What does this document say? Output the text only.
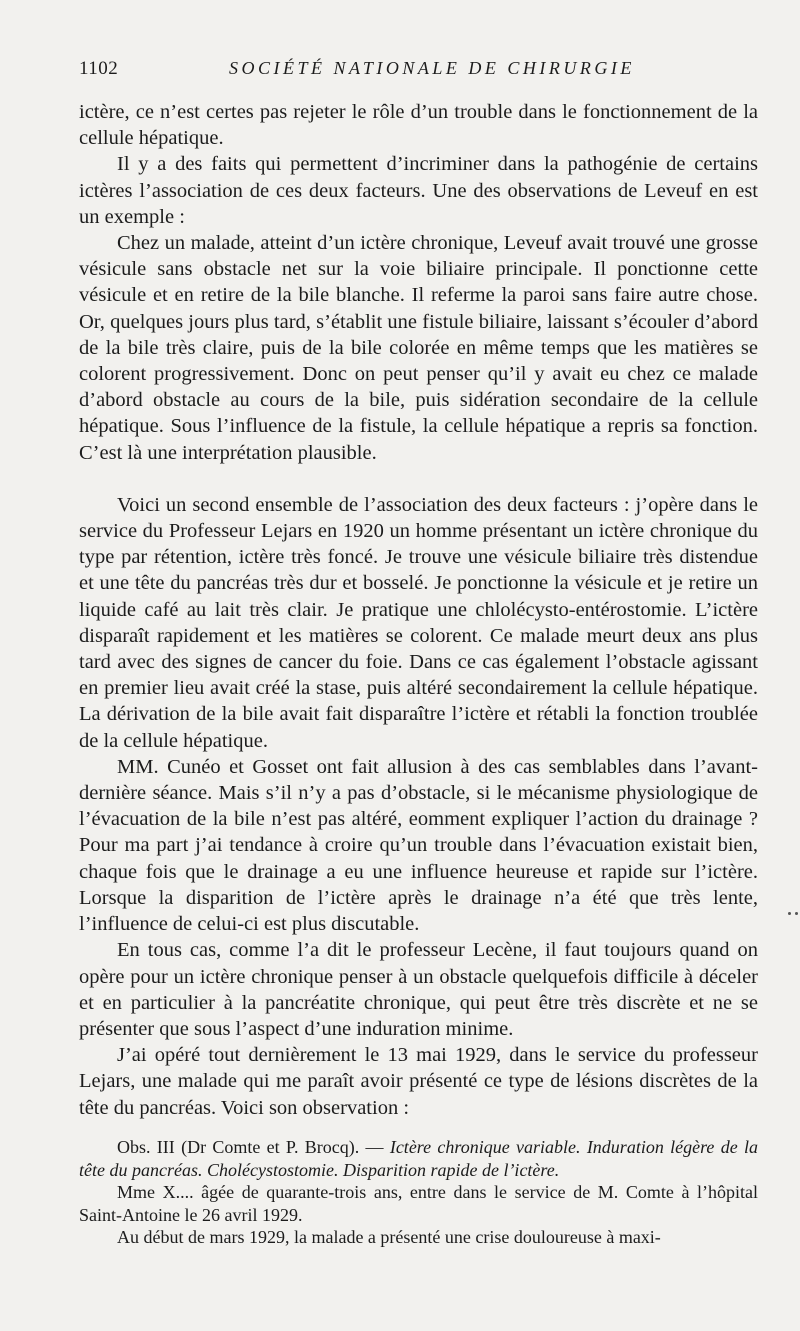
1102	SOCIÉTÉ NATIONALE DE CHIRURGIE

ictère, ce n’est certes pas rejeter le rôle d’un trouble dans le fonctionnement de la cellule hépatique.

Il y a des faits qui permettent d’incriminer dans la pathogénie de certains ictères l’association de ces deux facteurs. Une des observations de Leveuf en est un exemple :

Chez un malade, atteint d’un ictère chronique, Leveuf avait trouvé une grosse vésicule sans obstacle net sur la voie biliaire principale. Il ponctionne cette vésicule et en retire de la bile blanche. Il referme la paroi sans faire autre chose. Or, quelques jours plus tard, s’établit une fistule biliaire, laissant s’écouler d’abord de la bile très claire, puis de la bile colorée en même temps que les matières se colorent progressivement. Donc on peut penser qu’il y avait eu chez ce malade d’abord obstacle au cours de la bile, puis sidération secondaire de la cellule hépatique. Sous l’influence de la fistule, la cellule hépatique a repris sa fonction. C’est là une interprétation plausible.

Voici un second ensemble de l’association des deux facteurs : j’opère dans le service du Professeur Lejars en 1920 un homme présentant un ictère chronique du type par rétention, ictère très foncé. Je trouve une vésicule biliaire très distendue et une tête du pancréas très dur et bosselé. Je ponctionne la vésicule et je retire un liquide café au lait très clair. Je pratique une chlolécysto-entérostomie. L’ictère disparaît rapidement et les matières se colorent. Ce malade meurt deux ans plus tard avec des signes de cancer du foie. Dans ce cas également l’obstacle agissant en premier lieu avait créé la stase, puis altéré secondairement la cellule hépatique. La dérivation de la bile avait fait disparaître l’ictère et rétabli la fonction troublée de la cellule hépatique.

MM. Cunéo et Gosset ont fait allusion à des cas semblables dans l’avant-dernière séance. Mais s’il n’y a pas d’obstacle, si le mécanisme physiologique de l’évacuation de la bile n’est pas altéré, eomment expliquer l’action du drainage ? Pour ma part j’ai tendance à croire qu’un trouble dans l’évacuation existait bien, chaque fois que le drainage a eu une influence heureuse et rapide sur l’ictère. Lorsque la disparition de l’ictère après le drainage n’a été que très lente, l’influence de celui-ci est plus discutable.

En tous cas, comme l’a dit le professeur Lecène, il faut toujours quand on opère pour un ictère chronique penser à un obstacle quelquefois difficile à déceler et en particulier à la pancréatite chronique, qui peut être très discrète et ne se présenter que sous l’aspect d’une induration minime.

J’ai opéré tout dernièrement le 13 mai 1929, dans le service du professeur Lejars, une malade qui me paraît avoir présenté ce type de lésions discrètes de la tête du pancréas. Voici son observation :

Obs. III (Dr Comte et P. Brocq). — Ictère chronique variable. Induration légère de la tête du pancréas. Cholécystostomie. Disparition rapide de l’ictère.

Mme X.... âgée de quarante-trois ans, entre dans le service de M. Comte à l’hôpital Saint-Antoine le 26 avril 1929.

Au début de mars 1929, la malade a présenté une crise douloureuse à maxi-
